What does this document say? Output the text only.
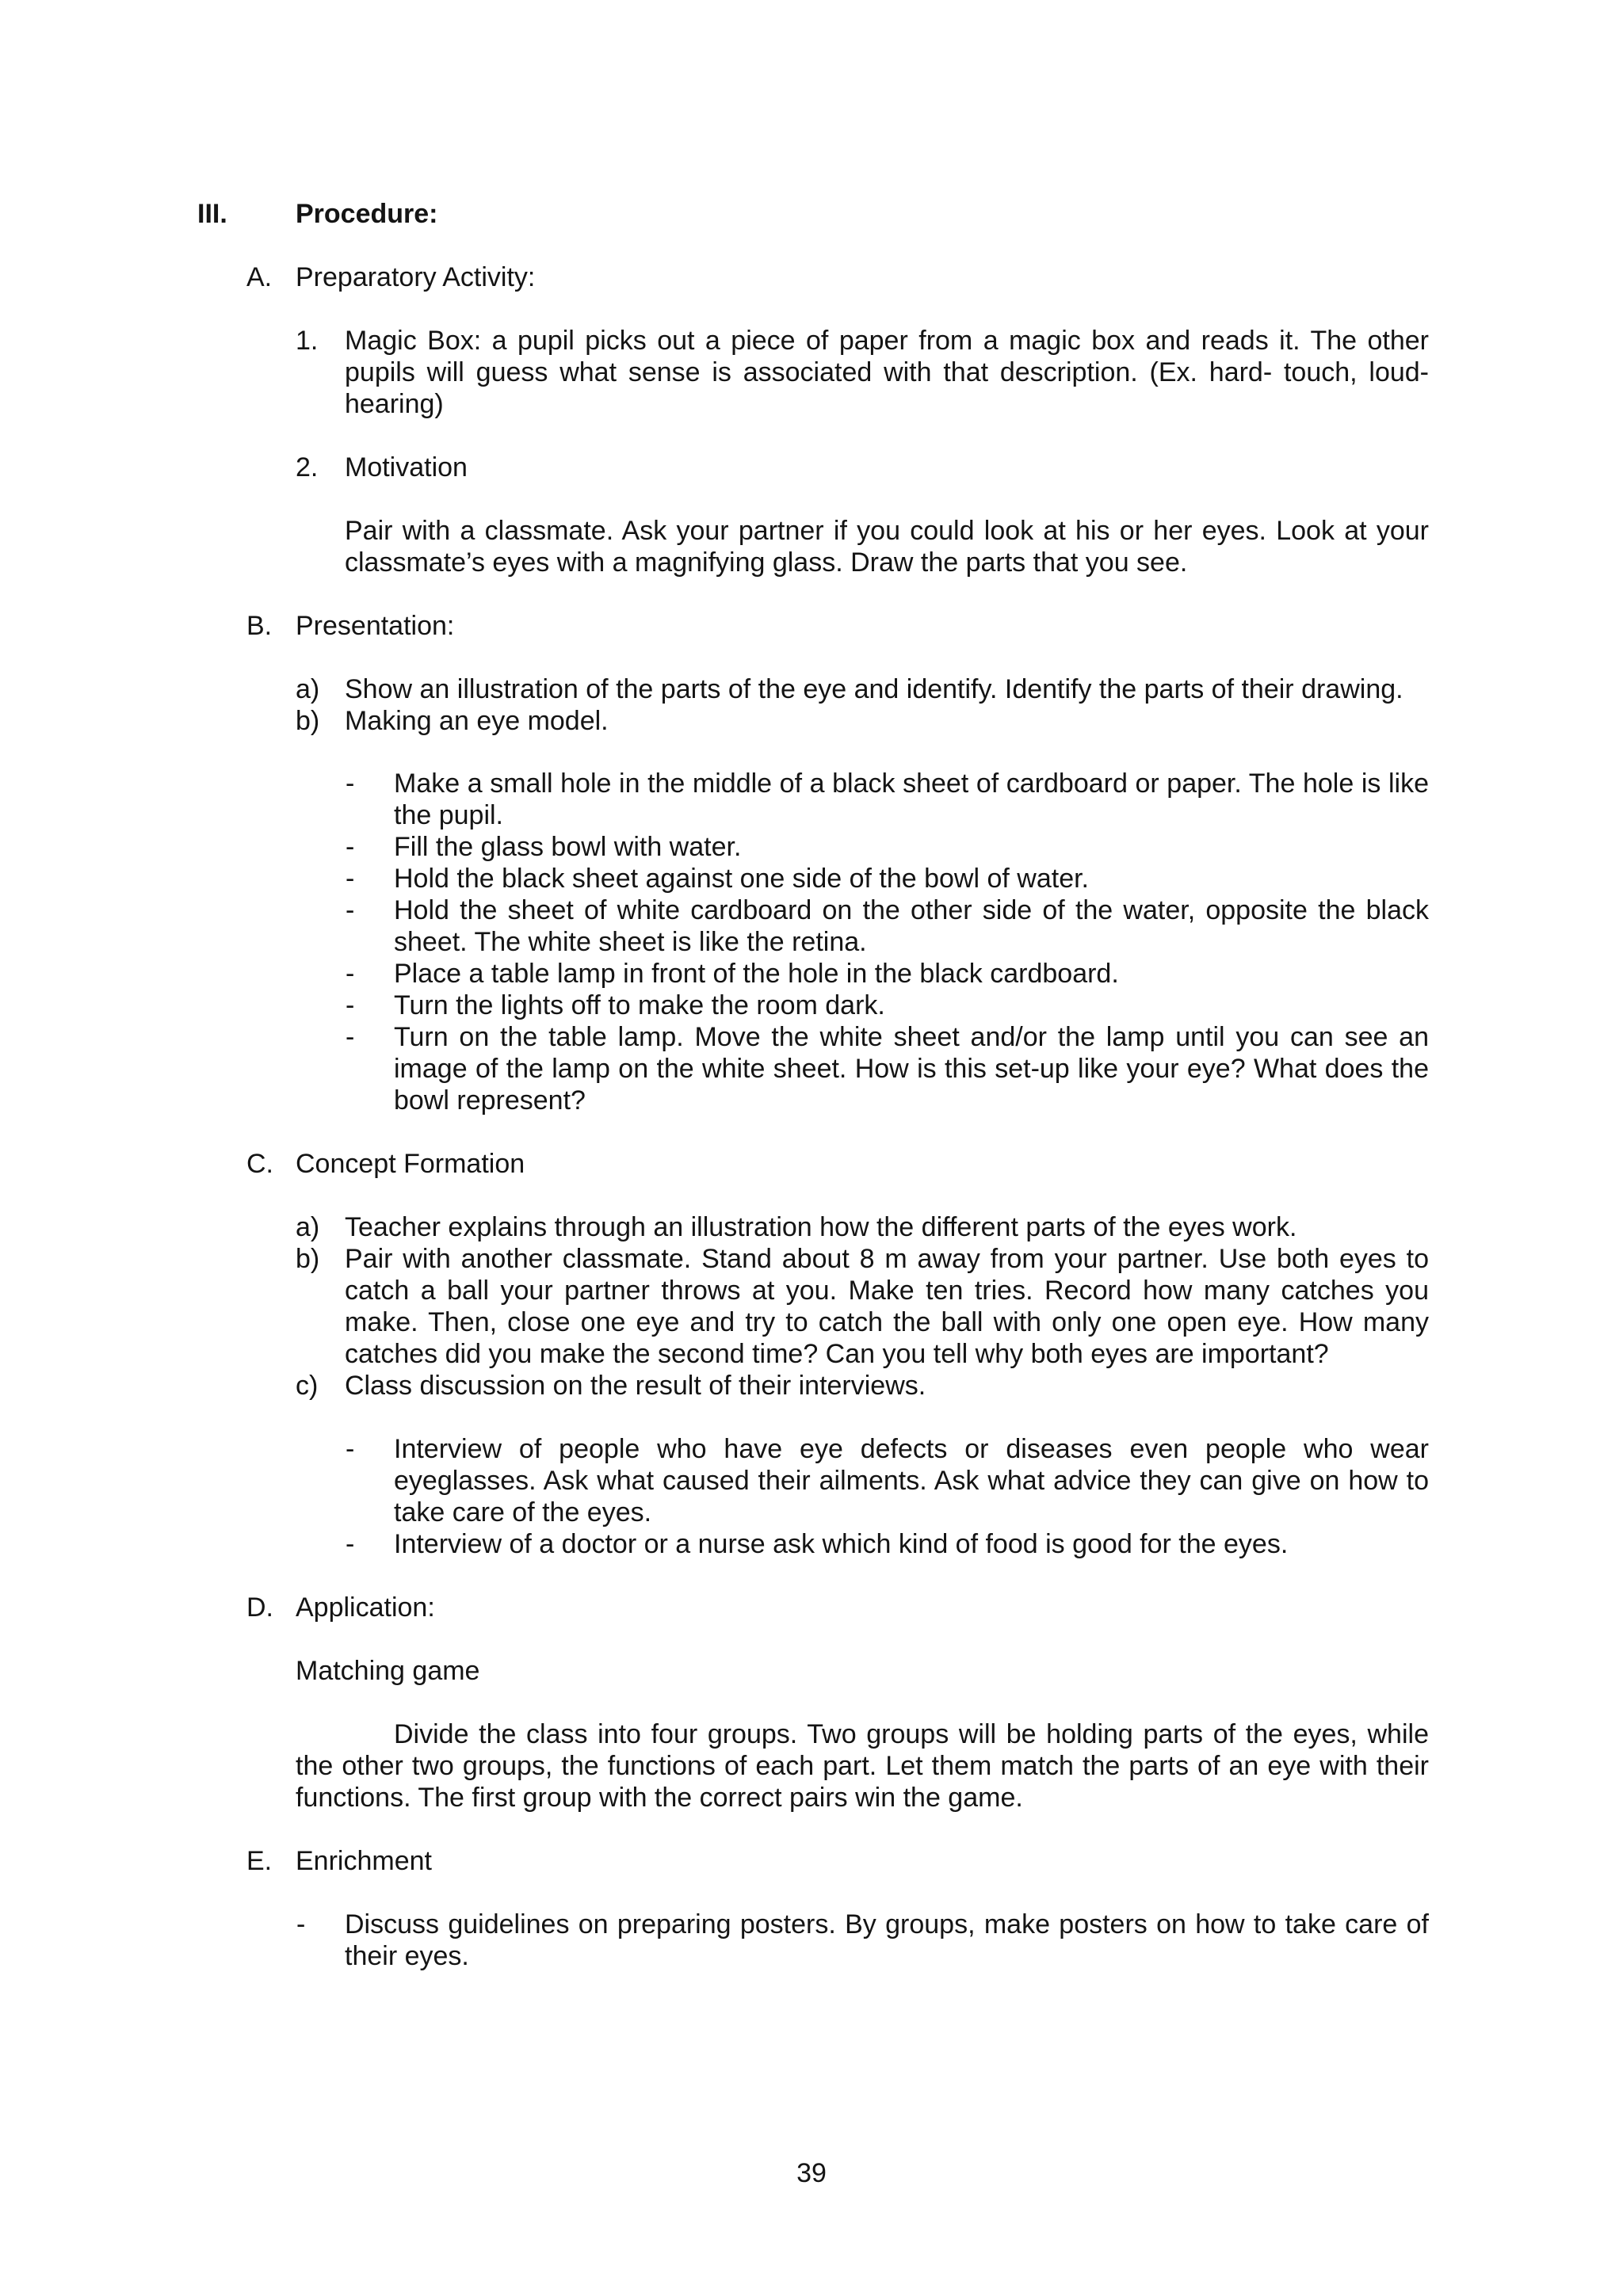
III.	Procedure:
A. Preparatory Activity:
1. Magic Box: a pupil picks out a piece of paper from a magic box and reads it. The other pupils will guess what sense is associated with that description. (Ex. hard- touch, loud- hearing)
2. Motivation
Pair with a classmate. Ask your partner if you could look at his or her eyes. Look at your classmate’s eyes with a magnifying glass. Draw the parts that you see.
B. Presentation:
a) Show an illustration of the parts of the eye and identify. Identify the parts of their drawing.
b) Making an eye model.
- Make a small hole in the middle of a black sheet of cardboard or paper. The hole is like the pupil.
- Fill the glass bowl with water.
- Hold the black sheet against one side of the bowl of water.
- Hold the sheet of white cardboard on the other side of the water, opposite the black sheet. The white sheet is like the retina.
- Place a table lamp in front of the hole in the black cardboard.
- Turn the lights off to make the room dark.
- Turn on the table lamp. Move the white sheet and/or the lamp until you can see an image of the lamp on the white sheet. How is this set-up like your eye? What does the bowl represent?
C. Concept Formation
a) Teacher explains through an illustration how the different parts of the eyes work.
b) Pair with another classmate. Stand about 8 m away from your partner. Use both eyes to catch a ball your partner throws at you. Make ten tries. Record how many catches you make. Then, close one eye and try to catch the ball with only one open eye. How many catches did you make the second time? Can you tell why both eyes are important?
c) Class discussion on the result of their interviews.
- Interview of people who have eye defects or diseases even people who wear eyeglasses. Ask what caused their ailments. Ask what advice they can give on how to take care of the eyes.
- Interview of a doctor or a nurse ask which kind of food is good for the eyes.
D. Application:
Matching game
Divide the class into four groups. Two groups will be holding parts of the eyes, while the other two groups, the functions of each part. Let them match the parts of an eye with their functions. The first group with the correct pairs win the game.
E. Enrichment
- Discuss guidelines on preparing posters. By groups, make posters on how to take care of their eyes.
39
